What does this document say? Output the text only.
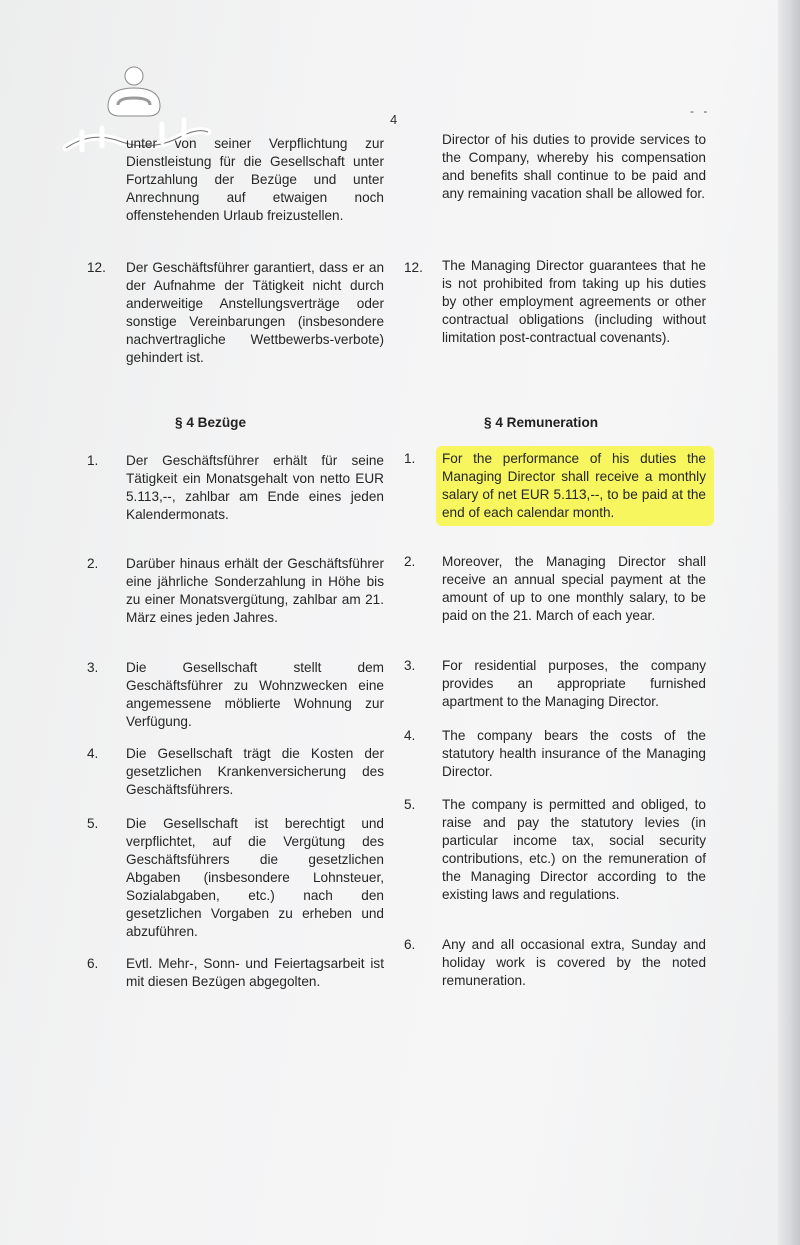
4
- -
unter von seiner Verpflichtung zur Dienstleistung für die Gesellschaft unter Fortzahlung der Bezüge und unter Anrechnung auf etwaigen noch offenstehenden Urlaub freizustellen.
Director of his duties to provide services to the Company, whereby his compensation and benefits shall continue to be paid and any remaining vacation shall be allowed for.
12. Der Geschäftsführer garantiert, dass er an der Aufnahme der Tätigkeit nicht durch anderweitige Anstellungsverträge oder sonstige Vereinbarungen (insbesondere nachvertragliche Wettbewerbs-verbote) gehindert ist.
12. The Managing Director guarantees that he is not prohibited from taking up his duties by other employment agreements or other contractual obligations (including without limitation post-contractual covenants).
§ 4 Bezüge	§ 4 Remuneration
1. Der Geschäftsführer erhält für seine Tätigkeit ein Monatsgehalt von netto EUR 5.113,--, zahlbar am Ende eines jeden Kalendermonats.
1. For the performance of his duties the Managing Director shall receive a monthly salary of net EUR 5.113,--, to be paid at the end of each calendar month.
2. Darüber hinaus erhält der Geschäftsführer eine jährliche Sonderzahlung in Höhe bis zu einer Monatsvergütung, zahlbar am 21. März eines jeden Jahres.
2. Moreover, the Managing Director shall receive an annual special payment at the amount of up to one monthly salary, to be paid on the 21. March of each year.
3. Die Gesellschaft stellt dem Geschäftsführer zu Wohnzwecken eine angemessene möblierte Wohnung zur Verfügung.
3. For residential purposes, the company provides an appropriate furnished apartment to the Managing Director.
4. Die Gesellschaft trägt die Kosten der gesetzlichen Krankenversicherung des Geschäftsführers.
4. The company bears the costs of the statutory health insurance of the Managing Director.
5. Die Gesellschaft ist berechtigt und verpflichtet, auf die Vergütung des Geschäftsführers die gesetzlichen Abgaben (insbesondere Lohnsteuer, Sozialabgaben, etc.) nach den gesetzlichen Vorgaben zu erheben und abzuführen.
5. The company is permitted and obliged, to raise and pay the statutory levies (in particular income tax, social security contributions, etc.) on the remuneration of the Managing Director according to the existing laws and regulations.
6. Evtl. Mehr-, Sonn- und Feiertagsarbeit ist mit diesen Bezügen abgegolten.
6. Any and all occasional extra, Sunday and holiday work is covered by the noted remuneration.
